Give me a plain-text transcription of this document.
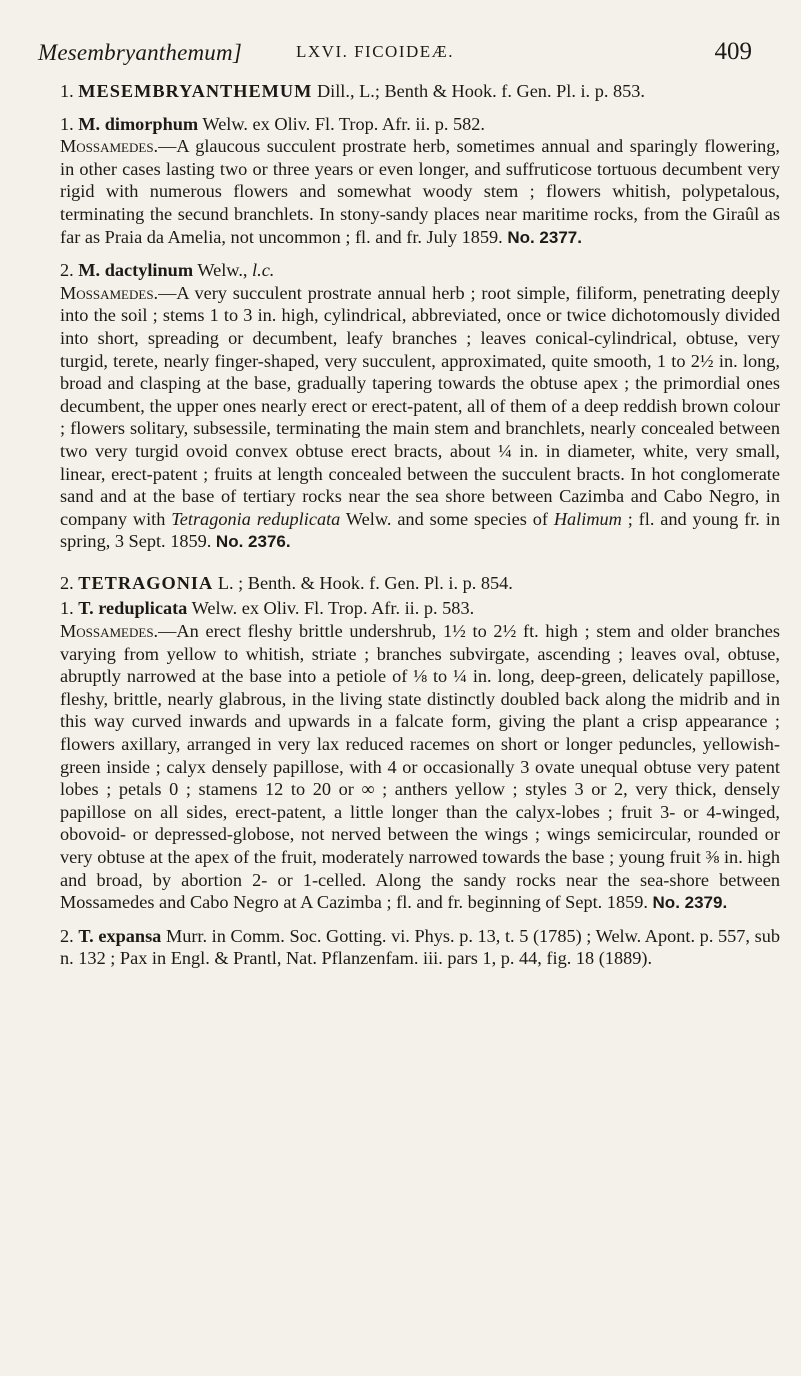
Mesembryanthemum]	LXVI. FICOIDEÆ.	409

1. MESEMBRYANTHEMUM Dill., L.; Benth & Hook. f. Gen. Pl. i. p. 853.

1. M. dimorphum Welw. ex Oliv. Fl. Trop. Afr. ii. p. 582.

Mossamedes.—A glaucous succulent prostrate herb, sometimes annual and sparingly flowering, in other cases lasting two or three years or even longer, and suffruticose tortuous decumbent very rigid with numerous flowers and somewhat woody stem ; flowers whitish, polypetalous, terminating the secund branchlets. In stony-sandy places near maritime rocks, from the Giraûl as far as Praia da Amelia, not uncommon ; fl. and fr. July 1859. No. 2377.

2. M. dactylinum Welw., l.c.

Mossamedes.—A very succulent prostrate annual herb ; root simple, filiform, penetrating deeply into the soil ; stems 1 to 3 in. high, cylindrical, abbreviated, once or twice dichotomously divided into short, spreading or decumbent, leafy branches ; leaves conical-cylindrical, obtuse, very turgid, terete, nearly finger-shaped, very succulent, approximated, quite smooth, 1 to 2½ in. long, broad and clasping at the base, gradually tapering towards the obtuse apex ; the primordial ones decumbent, the upper ones nearly erect or erect-patent, all of them of a deep reddish brown colour ; flowers solitary, subsessile, terminating the main stem and branchlets, nearly concealed between two very turgid ovoid convex obtuse erect bracts, about ¼ in. in diameter, white, very small, linear, erect-patent ; fruits at length concealed between the succulent bracts. In hot conglomerate sand and at the base of tertiary rocks near the sea shore between Cazimba and Cabo Negro, in company with Tetragonia reduplicata Welw. and some species of Halimum ; fl. and young fr. in spring, 3 Sept. 1859. No. 2376.

2. TETRAGONIA L. ; Benth. & Hook. f. Gen. Pl. i. p. 854.

1. T. reduplicata Welw. ex Oliv. Fl. Trop. Afr. ii. p. 583.

Mossamedes.—An erect fleshy brittle undershrub, 1½ to 2½ ft. high ; stem and older branches varying from yellow to whitish, striate ; branches subvirgate, ascending ; leaves oval, obtuse, abruptly narrowed at the base into a petiole of ⅛ to ¼ in. long, deep-green, delicately papillose, fleshy, brittle, nearly glabrous, in the living state distinctly doubled back along the midrib and in this way curved inwards and upwards in a falcate form, giving the plant a crisp appearance ; flowers axillary, arranged in very lax reduced racemes on short or longer peduncles, yellowish-green inside ; calyx densely papillose, with 4 or occasionally 3 ovate unequal obtuse very patent lobes ; petals 0 ; stamens 12 to 20 or ∞ ; anthers yellow ; styles 3 or 2, very thick, densely papillose on all sides, erect-patent, a little longer than the calyx-lobes ; fruit 3- or 4-winged, obovoid- or depressed-globose, not nerved between the wings ; wings semicircular, rounded or very obtuse at the apex of the fruit, moderately narrowed towards the base ; young fruit ⅜ in. high and broad, by abortion 2- or 1-celled. Along the sandy rocks near the sea-shore between Mossamedes and Cabo Negro at A Cazimba ; fl. and fr. beginning of Sept. 1859. No. 2379.

2. T. expansa Murr. in Comm. Soc. Gotting. vi. Phys. p. 13, t. 5 (1785) ; Welw. Apont. p. 557, sub n. 132 ; Pax in Engl. & Prantl, Nat. Pflanzenfam. iii. pars 1, p. 44, fig. 18 (1889).
